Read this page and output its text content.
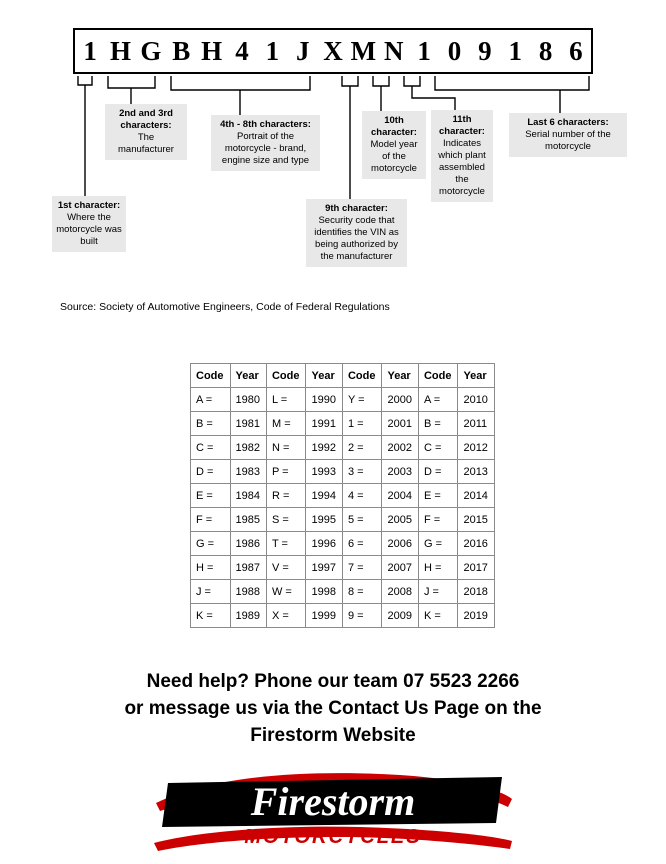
1 H G B H 4 1 J X M N 1 0 9 1 8 6
1st character:
Where the motorcycle was built
2nd and 3rd characters:
The manufacturer
4th - 8th characters:
Portrait of the motorcycle - brand, engine size and type
9th character:
Security code that identifies the VIN as being authorized by the manufacturer
10th character:
Model year of the motorcycle
11th character:
Indicates which plant assembled the motorcycle
Last 6 characters:
Serial number of the motorcycle
Source: Society of Automotive Engineers, Code of Federal Regulations
Code	Year	Code	Year	Code	Year	Code	Year
A =	1980	L =	1990	Y =	2000	A =	2010
B =	1981	M =	1991	1 =	2001	B =	2011
C =	1982	N =	1992	2 =	2002	C =	2012
D =	1983	P =	1993	3 =	2003	D =	2013
E =	1984	R =	1994	4 =	2004	E =	2014
F =	1985	S =	1995	5 =	2005	F =	2015
G =	1986	T =	1996	6 =	2006	G =	2016
H =	1987	V =	1997	7 =	2007	H =	2017
J =	1988	W =	1998	8 =	2008	J =	2018
K =	1989	X =	1999	9 =	2009	K =	2019
Need help? Phone our team 07 5523 2266
or message us via the Contact Us Page on the
Firestorm Website
Firestorm
MOTORCYCLES
